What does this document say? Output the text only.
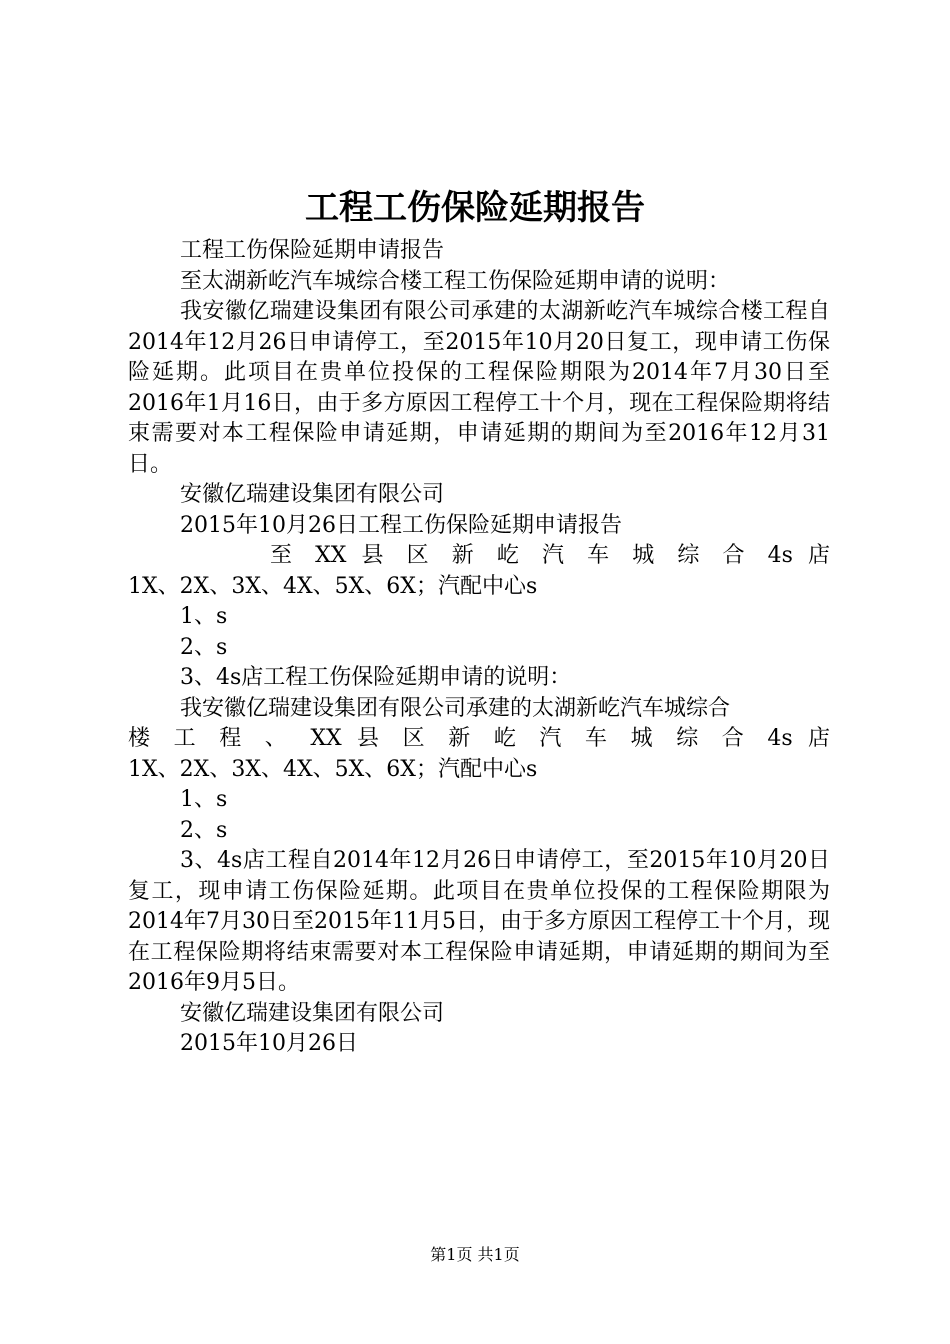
工程工伤保险延期报告

工程工伤保险延期申请报告

至太湖新屹汽车城综合楼工程工伤保险延期申请的说明：

我安徽亿瑞建设集团有限公司承建的太湖新屹汽车城综合楼工程自2014年12月26日申请停工，至2015年10月20日复工，现申请工伤保险延期。此项目在贵单位投保的工程保险期限为2014年7月30日至2016年1月16日，由于多方原因工程停工十个月，现在工程保险期将结束需要对本工程保险申请延期，申请延期的期间为至2016年12月31日。

安徽亿瑞建设集团有限公司

2015年10月26日工程工伤保险延期申请报告

至 XX 县 区 新 屹 汽 车 城 综 合 4s 店

1X、2X、3X、4X、5X、6X；汽配中心s

1、s

2、s

3、4s店工程工伤保险延期申请的说明：

我安徽亿瑞建设集团有限公司承建的太湖新屹汽车城综合

楼 工 程 、 XX 县 区 新 屹 汽 车 城 综 合 4s 店

1X、2X、3X、4X、5X、6X；汽配中心s

1、s

2、s

3、4s店工程自2014年12月26日申请停工，至2015年10月20日复工，现申请工伤保险延期。此项目在贵单位投保的工程保险期限为2014年7月30日至2015年11月5日，由于多方原因工程停工十个月，现在工程保险期将结束需要对本工程保险申请延期，申请延期的期间为至2016年9月5日。

安徽亿瑞建设集团有限公司

2015年10月26日

第1页 共1页
